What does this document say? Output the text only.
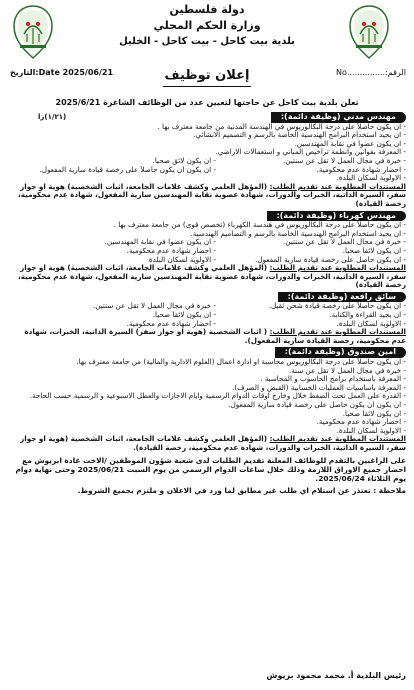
دولة فلسطين
وزارة الحكم المحلي
بلدية بيت كاحل - بيت كاحل - الخليل
الرقم:...............No
Date 2025/06/21:التاريخ	إعلان توظيف
تعلن بلدية بيت كاحل عن حاجتها لتعيين عدد من الوظائف الشاغرة 2025/6/21
مهندس مدني (وظيفة دائمة):
(١/٢١)زا
- ان يكون حاصلاً على درجة البكالوريوس في الهندسة المدنية من جامعة معترف بها .
- ان يجيد استخدام البرامج الهندسية الخاصة بالرسم و التصميم الانشائي.
- ان يكون عضواً في نقابة المهندسين.
- المعرفة بقوانين وانظمة تراخيص المباني و استعمالات الاراضي.
- خبرة في مجال العمل لا تقل عن سنتين.
- ان يكون لائق صحياً.
- احضار شهادة عدم محكومية.
- ان يكون ان يكون حاصلاً على رخصة قيادة سارية المفعول.
- الاولوية لسكان البلدة.
المستندات المطلوبة عند تقديم الطلب: (المؤهل العلمي وكشف علامات الجامعة، اثبات الشخصية) هوية او جواز سفر، السيرة الذاتية، الخبرات والدورات، شهادة عضوية نقابة المهندسين سارية المفعول، شهادة عدم محكومية، رخصة القيادة)
مهندس كهرباء (وظيفة دائمة):
- ان يكون حاصلاً على درجة البكالوريوس في هندسة الكهرباء (تخصص قوى) من جامعة معترف بها .
- ان يجيد استخدام البرامج الهندسية الخاصة بالرسم و التصاميم الهندسية.
- خبرة في مجال العمل لا تقل عن سنتين.
- ان يكون عضوا في نقابة المهندسين.
- ان يكون لائقاً صحياً.
- احضار شهادة عدم محكومية.
- ان يكون حاصل على رخصة قيادة سارية المفعول.
- الاولوية لسكان البلدة
المستندات المطلوبة عند تقديم الطلب: (المؤهل العلمي وكشف علامات الجامعة، اثبات الشخصية) هوية او جواز سفر، السيرة الذاتية، الخبرات والدورات، شهادة عضوية نقابة المهندسين سارية المفعول، شهادة عدم محكومية، رخصة القيادة)
سائق رافعة (وظيفة دائمة):
- ان يكون حاصلاً على رخصة قيادة شحن ثقيل.
- خبرة في مجال العمل لا تقل عن سنتين.
- ان يجيد القراءة والكتابة.
- ان يكون لائقاً صحياً.
- الاولوية لسكان البلدة.
- احضار شهادة عدم محكومية.
المستندات المطلوبة عند تقديم الطلب: ( اثبات الشخصية (هوية او جواز سفر) السيرة الذاتية، الخبرات، شهادة عدم محكومية، رخصة القيادة سارية المفعول).
امين صندوق (وظيفة دائمة):
- ان يكون حاصلاً على درجة البكالوريوس محاسبة او ادارة اعمال (العلوم الادارية والمالية) من جامعة معترف بها.
- خبرة في مجال العمل لا تقل عن سنة.
- المعرفة باستخدام برامج الحاسوب و المحاسبة .
- المعرفة باساسيات العمليات الحسابية (القبض و الصرف).
- القدرة على العمل تحت الضغط خلال وخارج اوقات الدوام الرسمية وايام الاجازات والعطل الاسبوعية و الرسمية حسب الحاجة.
- ان يكون ان يكون حاصل على رخصة قيادة سارية المفعول.
- ان يكون لائقاً صحياً.
- احضار شهادة عدم محكومية.
- الاولوية لسكان البلدة.
المستندات المطلوبة عند تقديم الطلب: (المؤهل العلمي وكشف علامات الجامعة، اثبات الشخصية (هوية او جواز سفر، السيرة الذاتية، الخبرات والدورات، شهادة عدم محكومية، رخصة القيادة).
على الراغبين بالتقدم للوظائف المعلنة تقديم الطلبات لدى شعبة شؤون الموظفين /الاخت غادة ابريوش مع احضار جميع الاوراق اللازمة وذلك خلال ساعات الدوام الرسمي من يوم السبت 2025/06/21 وحتى نهاية دوام يوم الثلاثاء 2025/06/24.
ملاحظة : تعتذر عن استلام اي طلب غير مطابق لما ورد في الاعلان و ملتزم بجميع الشروط.
رئيس البلدية أ. محمد محمود بريوش
